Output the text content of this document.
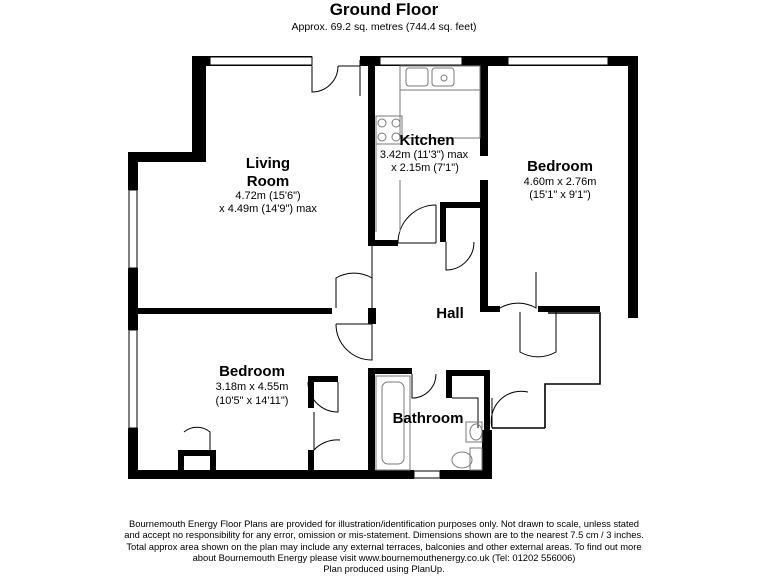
Ground Floor
Approx. 69.2 sq. metres (744.4 sq. feet)
Living
Room
4.72m (15'6")
x 4.49m (14'9") max
Kitchen
3.42m (11'3") max
x 2.15m (7'1")	Bedroom
4.60m x 2.76m
(15'1" x 9'1")
Hall
Bedroom
3.18m x 4.55m
(10'5" x 14'11")
Bathroom
Bournemouth Energy Floor Plans are provided for illustration/identification purposes only. Not drawn to scale, unless stated and accept no responsibility for any error, omission or mis-statement. Dimensions shown are to the nearest 7.5 cm / 3 inches. Total approx area shown on the plan may include any external terraces, balconies and other external areas. To find out more about Bournemouth Energy please visit www.bournemouthenergy.co.uk (Tel: 01202 556006)
Plan produced using PlanUp.
